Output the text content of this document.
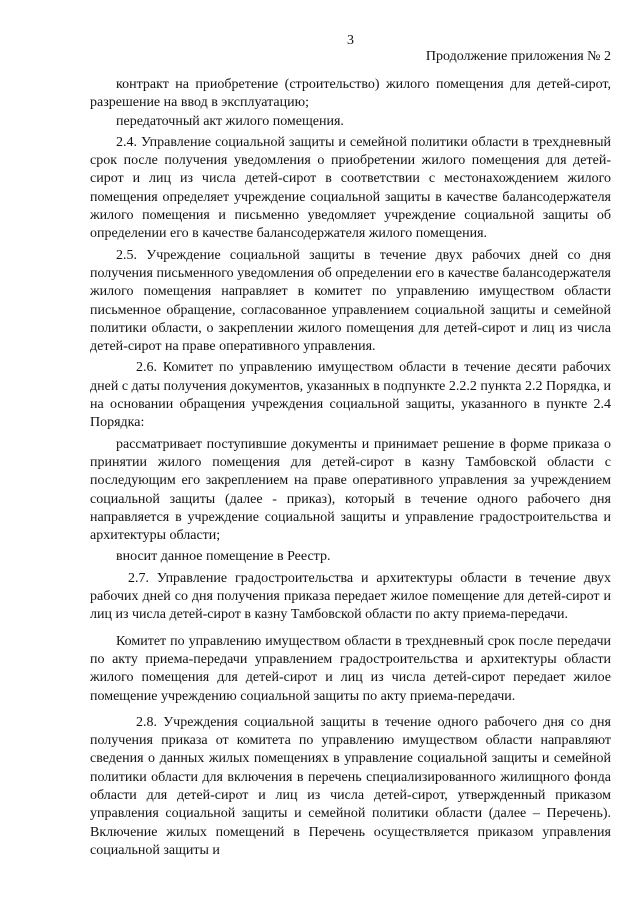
3
Продолжение приложения № 2

контракт на приобретение (строительство) жилого помещения для детей-сирот, разрешение на ввод в эксплуатацию;

передаточный акт жилого помещения.

2.4. Управление социальной защиты и семейной политики области в трехдневный срок после получения уведомления о приобретении жилого помещения для детей-сирот и лиц из числа детей-сирот в соответствии с местонахождением жилого помещения определяет учреждение социальной защиты в качестве балансодержателя жилого помещения и письменно уведомляет учреждение социальной защиты об определении его в качестве балансодержателя жилого помещения.

2.5. Учреждение социальной защиты в течение двух рабочих дней со дня получения письменного уведомления об определении его в качестве балансодержателя жилого помещения направляет в комитет по управлению имуществом области письменное обращение, согласованное управлением социальной защиты и семейной политики области, о закреплении жилого помещения для детей-сирот и лиц из числа детей-сирот на праве оперативного управления.

2.6. Комитет по управлению имуществом области в течение десяти рабочих дней с даты получения документов, указанных в подпункте 2.2.2 пункта 2.2 Порядка, и на основании обращения учреждения социальной защиты, указанного в пункте 2.4 Порядка:

рассматривает поступившие документы и принимает решение в форме приказа о принятии жилого помещения для детей-сирот в казну Тамбовской области с последующим его закреплением на праве оперативного управления за учреждением социальной защиты (далее - приказ), который в течение одного рабочего дня направляется в учреждение социальной защиты и управление градостроительства и архитектуры области;

вносит данное помещение в Реестр.

2.7. Управление градостроительства и архитектуры области в течение двух рабочих дней со дня получения приказа передает жилое помещение для детей-сирот и лиц из числа детей-сирот в казну Тамбовской области по акту приема-передачи.

Комитет по управлению имуществом области в трехдневный срок после передачи по акту приема-передачи управлением градостроительства и архитектуры области жилого помещения для детей-сирот и лиц из числа детей-сирот передает жилое помещение учреждению социальной защиты по акту приема-передачи.

2.8. Учреждения социальной защиты в течение одного рабочего дня со дня получения приказа от комитета по управлению имуществом области направляют сведения о данных жилых помещениях в управление социальной защиты и семейной политики области для включения в перечень специализированного жилищного фонда области для детей-сирот и лиц из числа детей-сирот, утвержденный приказом управления социальной защиты и семейной политики области (далее – Перечень). Включение жилых помещений в Перечень осуществляется приказом управления социальной защиты и
